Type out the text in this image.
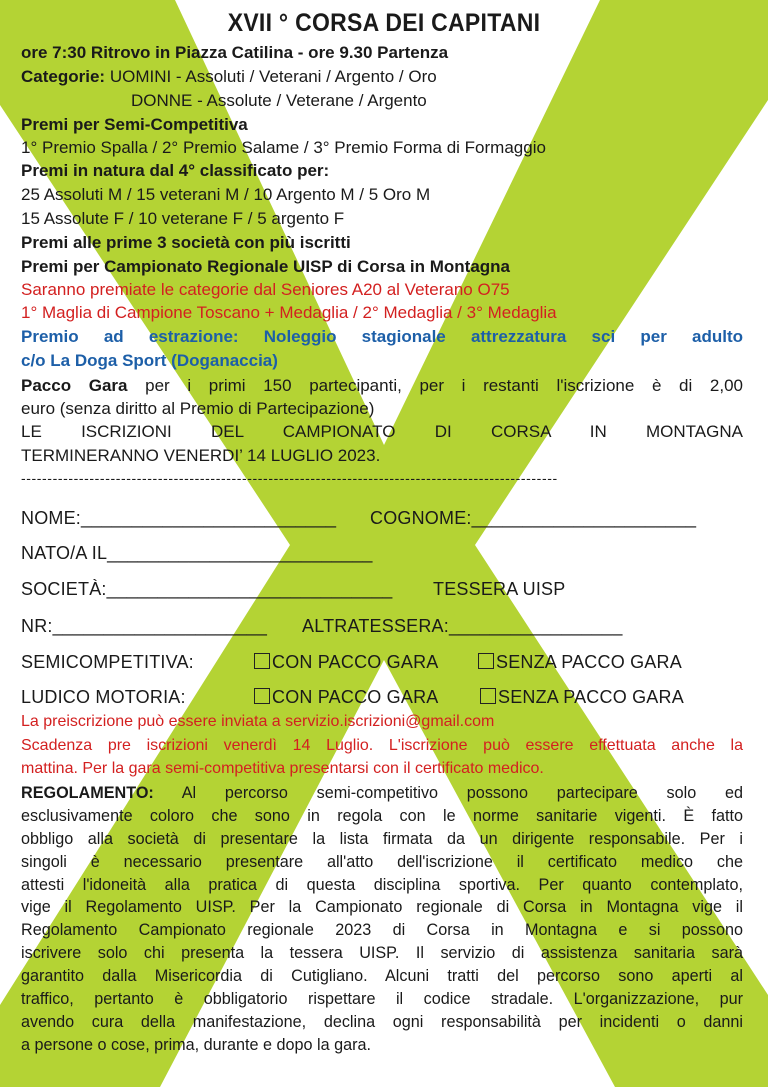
XVII ° CORSA DEI CAPITANI
ore 7:30 Ritrovo in Piazza Catilina - ore 9.30 Partenza
Categorie: UOMINI - Assoluti / Veterani / Argento / Oro
DONNE - Assolute / Veterane / Argento
Premi per Semi-Competitiva
1° Premio Spalla / 2° Premio Salame / 3° Premio Forma di Formaggio
Premi in natura dal 4° classificato per:
25 Assoluti M / 15 veterani M / 10 Argento M / 5 Oro M
15 Assolute F / 10 veterane F / 5 argento F
Premi alle prime 3 società con più iscritti
Premi per Campionato Regionale UISP di Corsa in Montagna
Saranno premiate le categorie dal Seniores A20 al Veterano O75
1° Maglia di Campione Toscano + Medaglia / 2° Medaglia / 3° Medaglia
Premio ad estrazione: Noleggio stagionale attrezzatura sci per adulto
c/o La Doga Sport (Doganaccia)
Pacco Gara per i primi 150 partecipanti, per i restanti l'iscrizione è di 2,00
euro (senza diritto al Premio di Partecipazione)
LE ISCRIZIONI DEL CAMPIONATO DI CORSA IN MONTAGNA
TERMINERANNO VENERDI’ 14 LUGLIO 2023.
------------------------------------------------------------------------------------------------------
NOME:_________________________ COGNOME:______________________
NATO/A IL__________________________
SOCIETÀ:____________________________ TESSERA UISP
NR:_____________________ ALTRATESSERA:_________________
SEMICOMPETITIVA:	CON PACCO GARA	SENZA PACCO GARA
LUDICO MOTORIA:	CON PACCO GARA	SENZA PACCO GARA
La preiscrizione può essere inviata a servizio.iscrizioni@gmail.com
Scadenza pre iscrizioni venerdì 14 Luglio. L'iscrizione può essere effettuata anche la
mattina. Per la gara semi-competitiva presentarsi con il certificato medico.
REGOLAMENTO: Al percorso semi-competitivo possono partecipare solo ed
esclusivamente coloro che sono in regola con le norme sanitarie vigenti. È fatto
obbligo alla società di presentare la lista firmata da un dirigente responsabile. Per i
singoli è necessario presentare all'atto dell'iscrizione il certificato medico che
attesti l'idoneità alla pratica di questa disciplina sportiva. Per quanto contemplato,
vige il Regolamento UISP. Per la Campionato regionale di Corsa in Montagna vige il
Regolamento Campionato regionale 2023 di Corsa in Montagna e si possono
iscrivere solo chi presenta la tessera UISP. Il servizio di assistenza sanitaria sarà
garantito dalla Misericordia di Cutigliano. Alcuni tratti del percorso sono aperti al
traffico, pertanto è obbligatorio rispettare il codice stradale. L'organizzazione, pur
avendo cura della manifestazione, declina ogni responsabilità per incidenti o danni
a persone o cose, prima, durante e dopo la gara.
